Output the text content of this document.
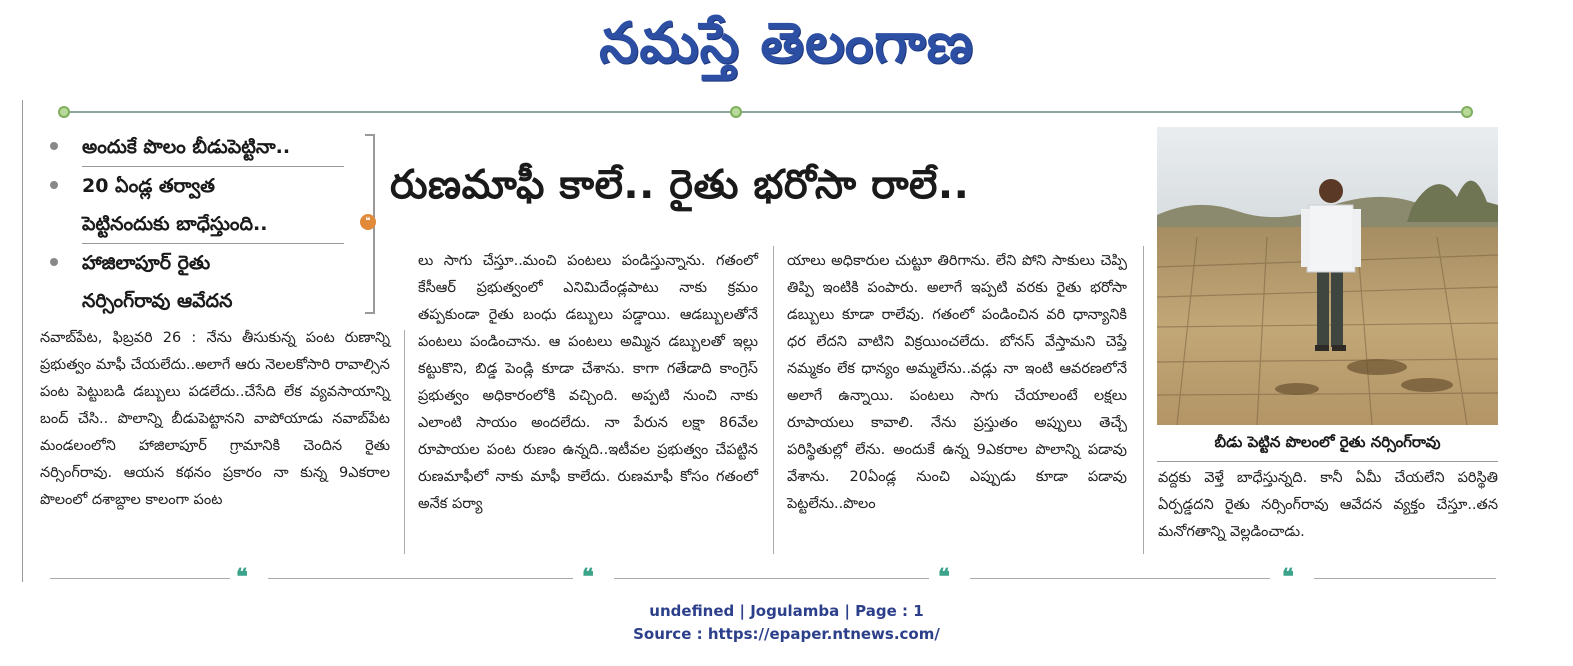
నమస్తే తెలంగాణ
అందుకే పొలం బీడుపెట్టినా..
20 ఏండ్ల తర్వాత
పెట్టినందుకు బాధేస్తుంది..
హాజిలాపూర్ రైతు
నర్సింగ్‌రావు ఆవేదన
❝
రుణమాఫీ కాలే.. రైతు భరోసా రాలే..

నవాబ్‌పేట, ఫిబ్రవరి 26 : నేను తీసుకున్న పంట రుణాన్ని ప్రభుత్వం మాఫీ చేయలేదు..అలాగే ఆరు నెలలకోసారి రావాల్సిన పంట పెట్టుబడి డబ్బులు పడలేదు..చేసేది లేక వ్యవసాయాన్ని బంద్ చేసి.. పొలాన్ని బీడుపెట్టానని వాపోయాడు నవాబ్‌పేట మండలంలోని హాజిలాపూర్ గ్రామానికి చెందిన రైతు నర్సింగ్‌రావు. ఆయన కథనం ప్రకారం నా కున్న 9ఎకరాల పొలంలో దశాబ్దాల కాలంగా పంట

లు సాగు చేస్తూ..మంచి పంటలు పండిస్తున్నాను. గతంలో కేసీఆర్ ప్రభుత్వంలో ఎనిమిదేండ్లపాటు నాకు క్రమం తప్పకుండా రైతు బంధు డబ్బులు పడ్డాయి. ఆడబ్బులతోనే పంటలు పండించాను. ఆ పంటలు అమ్మిన డబ్బులతో ఇల్లు కట్టుకొని, బిడ్డ పెండ్లి కూడా చేశాను. కాగా గతేడాది కాంగ్రెస్ ప్రభుత్వం అధికారంలోకి వచ్చింది. అప్పటి నుంచి నాకు ఎలాంటి సాయం అందలేదు. నా పేరున లక్షా 86వేల రూపాయల పంట రుణం ఉన్నది..ఇటీవల ప్రభుత్వం చేపట్టిన రుణమాఫీలో నాకు మాఫీ కాలేదు. రుణమాఫీ కోసం గతంలో అనేక పర్యా

యాలు అధికారుల చుట్టూ తిరిగాను. లేని పోని సాకులు చెప్పి తిప్పి ఇంటికి పంపారు. అలాగే ఇప్పటి వరకు రైతు భరోసా డబ్బులు కూడా రాలేవు. గతంలో పండించిన వరి ధాన్యానికి ధర లేదని వాటిని విక్రయించలేదు. బోనస్ వేస్తామని చెప్తే నమ్మకం లేక ధాన్యం అమ్మలేను..వడ్లు నా ఇంటి ఆవరణలోనే అలాగే ఉన్నాయి. పంటలు సాగు చేయాలంటే లక్షలు రూపాయలు కావాలి. నేను ప్రస్తుతం అప్పులు తెచ్చే పరిస్థితుల్లో లేను. అందుకే ఉన్న 9ఎకరాల పొలాన్ని పడావు వేశాను. 20ఏండ్ల నుంచి ఎప్పుడు కూడా పడావు పెట్టలేను..పొలం

బీడు పెట్టిన పొలంలో రైతు నర్సింగ్‌రావు

వద్దకు వెళ్తే బాధేస్తున్నది. కానీ ఏమీ చేయలేని పరిస్థితి ఏర్పడ్డదని రైతు నర్సింగ్‌రావు ఆవేదన వ్యక్తం చేస్తూ..తన మనోగతాన్ని వెల్లడించాడు.

❝	❝	❝	❝
undefined | Jogulamba | Page : 1
Source : https://epaper.ntnews.com/
